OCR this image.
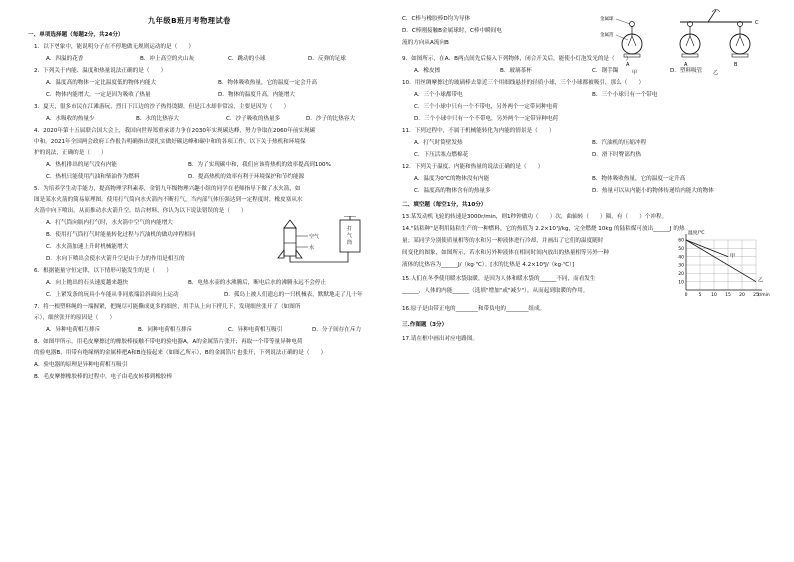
九年级B班月考物理试卷
一、单项选择题（每题2分，共24分）
1．以下현象中，能说明分子在不停地做无规则运动的是（　　）
A．四溢的花香	B．冲上高空的火山灰	C．跳动的小球	D．反弹的足球
2．下列关于内能、温度和热量说法正确的是（　　）
A．温度高的物体一定比温度低的物体内能大	B．物体吸收热量，它的温度一定会升高
C．物体内能增大，一定是因为吸收了热量	D．物体的温度升高，内能增大
3．夏天，很多市民在江滩游玩，烈日下江边的沙子热得烫脚，但是江水却非常凉，主要是因为（　　）
A．水吸收的热量少	B．水的比热容大	C．沙子吸收的热量多	D．沙子的比热容大
4．2020年第十五届联合国大会上，我国向世界郑重承诺力争在2030年实现碳达峰，努力争取在2060年前实现碳
中和。2021年全国两会政府工作报告明确指出要扎实做好碳达峰和碳中和的各项工作，以下关于热机和环境保
护的说法，正确的是（　　）
A．热机排出的尾气没有内能	B．为了实现碳中和，我们应该将热机的效率提高到100%
C．热机只能使用汽油和柴油作为燃料	D．提高热机的效率有利于环境保护和节约能源
5．为培养学生动手能力，提高物理学科素养，金钥九年级物理兴趣小组的同学在老师指导下做了水火箭，如
图是某水火箭的简易原理图。使用打气筒向水火箭内不断打气，当内部气体压强达到一定程度时，橡皮塞从水
火箭中向下喷出，从而推动水火箭升空。结合材料，你认为以下说法错误的是（　　）
A．打气筒向瓶内打气时，水火箭中空气的内能增大
B．使用打气筒打气时能量转化过程与汽油机的做功冲程相同
C．水火箭加速上升时机械能增大
D．水向下喷出会使水火箭升空是由于力的作用是相互的
空气
水
打
气
筒
6．根据能量守恒定律，以下情形可能发生的是（　　）
A．向上抛出的石头速度越来越快	B．电热水壶的水沸腾后，断电后水的沸腾永远不会停止
C．上紧发条的玩具小车能从非同底端沿斜面向上运动	D．孤岛上被人们遗忘的一只机械表，默默地走了几十年
7．将一根塑料绳的一端握紧，把绳尽可能撕成更多的细丝，用手从上向下捋几下，发现细丝张开了（如图所
示），细丝张开的原因是（　　）
A．异种电荷相互排斥	B．同种电荷相互排斥	C．异种电荷相互吸引	D．分子间存在斥力
8．如图甲所示，用毛皮摩擦过的橡胶棒接触不带电的验电器A，A的金属箔片张开；再取一个带等量异种电荷
的验电器B，用带有绝缘柄的金属棒把A和B连接起来（如图乙所示），B的金属箔片也张开，下列说法正确的是（　　）
A．验电器的原理是异种电荷相互吸引
B．毛皮摩擦橡胶棒的过程中，电子由毛皮转移到橡胶棒
C．C棒与橡胶棒D均为导体
D．C棒刚接触B金属球时，C棒中瞬间电
流的方向从A流向B
金属球
金属箔
A
甲
C
A	B
乙
9．如图所示，在A、B两点间先后接入下列物体，闭合开关后，能使小灯泡发光的是（　　）
A．橡皮擦	B．玻璃茶杯	C．钢手镯	D．塑料吸管
10．用丝绸摩擦过的玻璃棒去靠近三个用细线悬挂的轻质小球，三个小球都被吸引，那么（　　）
A．三个小球都带电	B．三个小球只有一个带电
C．三个小球中只有一个不带电，另外两个一定带同种电荷
D．三个小球中只有一个不带电，另外两个一定带异种电荷
11．下列过程中，不属于机械能转化为内能的情景是（　　）
A．打气时筒壁发热	B．汽油机的压缩冲程
C．下压活塞点燃棉花	D．滑下时臀部灼热
12．下列关于温度、内能和热量的说法正确的是（　　）
A．温度为0℃的物体没有内能	B．物体吸收热量，它的温度一定升高
C．温度高的物体含有的热量多	D．热量可以从内能小的物体传递给内能大的物体
二、填空题（每空1分，共10分）
13.某发动机飞轮的转速是3000r/min，则1秒钟做功（　　）次，曲轴转（　　）圈，有（　　）个冲程。
14."陆秸种"是利用陆秸生产的一种燃料，它的热值为 2.2×10⁷J/kg，完全燃烧 10kg 的陆秸煤可放出______J 的热
量；某同学分别使质量相等的水和另一种液体进行冷却，并画出了它们的温度随时
间变化的图象，如图所示，若水和另外种液体在相同时间内放出的热量相等另外一种
液体的比热容为______J/（kg·℃）。[水的比热是 4.2×10³J/（kg·℃）]
甲
乙
10
20
30
40
50
60
0 5 10 15 20 25
温度/℃
t/min
15.人们在冬季使用暖水袋取暖，是因为人体和暖水袋的______不同，而看发生
______，人体的内能______（选填"增加"或"减少"），从而起到取暖的作用。
16.原子是由带正电的________和带负电的________组成。
三.作图题（3分）
17.请在框中画出对应电路图。
